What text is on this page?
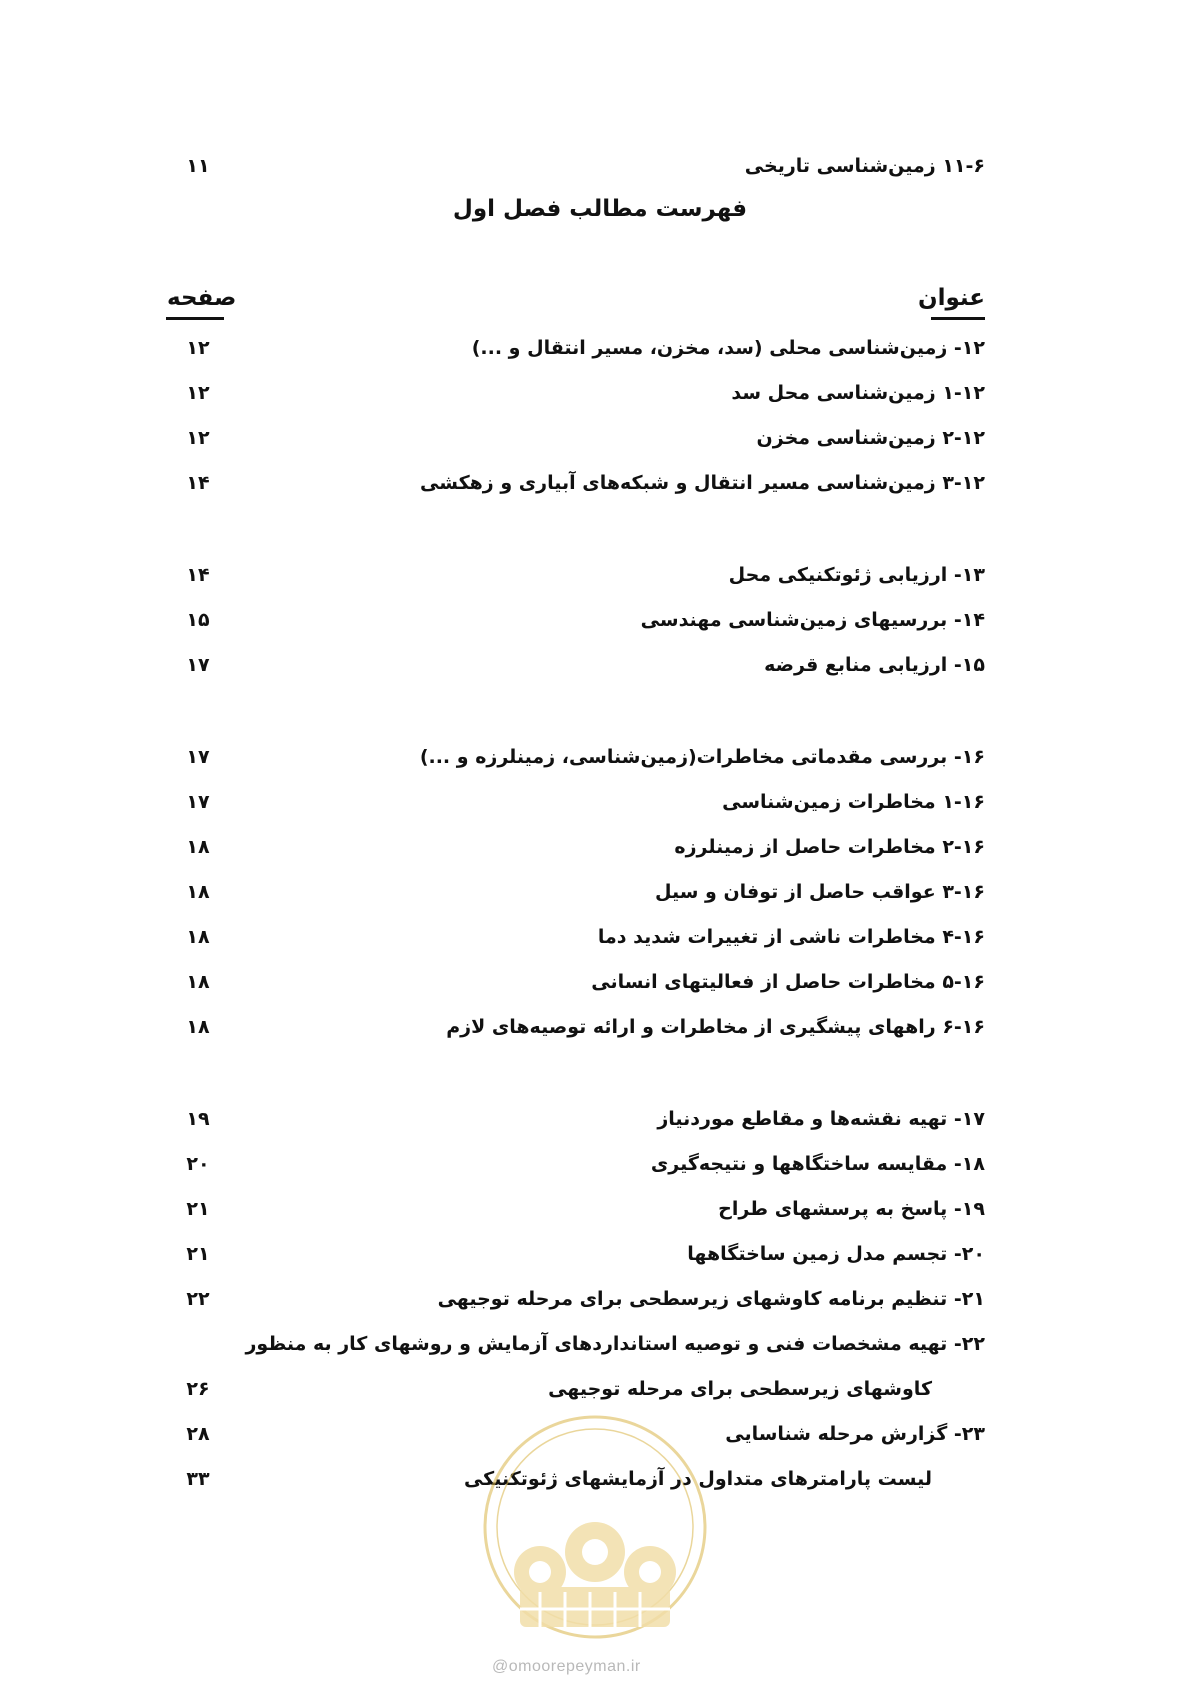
۱۱-۶ زمین‌شناسی تاریخی
۱۱
فهرست مطالب فصل اول
عنوان
صفحه
۱۲- زمین‌شناسی محلی (سد، مخزن، مسیر انتقال و ...)
۱۲
۱-۱۲ زمین‌شناسی محل سد
۱۲
۲-۱۲ زمین‌شناسی مخزن
۱۲
۳-۱۲ زمین‌شناسی مسیر انتقال و شبکه‌های آبیاری و زهکشی
۱۴
۱۳- ارزیابی ژئوتکنیکی محل
۱۴
۱۴- بررسیهای زمین‌شناسی مهندسی
۱۵
۱۵- ارزیابی منابع قرضه
۱۷
۱۶- بررسی مقدماتی مخاطرات(زمین‌شناسی، زمینلرزه و ...)
۱۷
۱-۱۶ مخاطرات زمین‌شناسی
۱۷
۲-۱۶ مخاطرات حاصل از زمینلرزه
۱۸
۳-۱۶ عواقب حاصل از توفان و سیل
۱۸
۴-۱۶ مخاطرات ناشی از تغییرات شدید دما
۱۸
۵-۱۶ مخاطرات حاصل از فعالیتهای انسانی
۱۸
۶-۱۶ راههای پیشگیری از مخاطرات و ارائه توصیه‌های لازم
۱۸
۱۷- تهیه نقشه‌ها و مقاطع موردنیاز
۱۹
۱۸- مقایسه ساختگاهها و نتیجه‌گیری
۲۰
۱۹- پاسخ به پرسشهای طراح
۲۱
۲۰- تجسم مدل زمین ساختگاهها
۲۱
۲۱- تنظیم برنامه کاوشهای زیرسطحی برای مرحله توجیهی
۲۲
۲۲- تهیه مشخصات فنی و توصیه استانداردهای آزمایش و روشهای کار به منظور
کاوشهای زیرسطحی برای مرحله توجیهی
۲۶
۲۳- گزارش مرحله شناسایی
۲۸
لیست پارامترهای متداول در آزمایشهای ژئوتکنیکی
۳۳
@omoorepeyman.ir
